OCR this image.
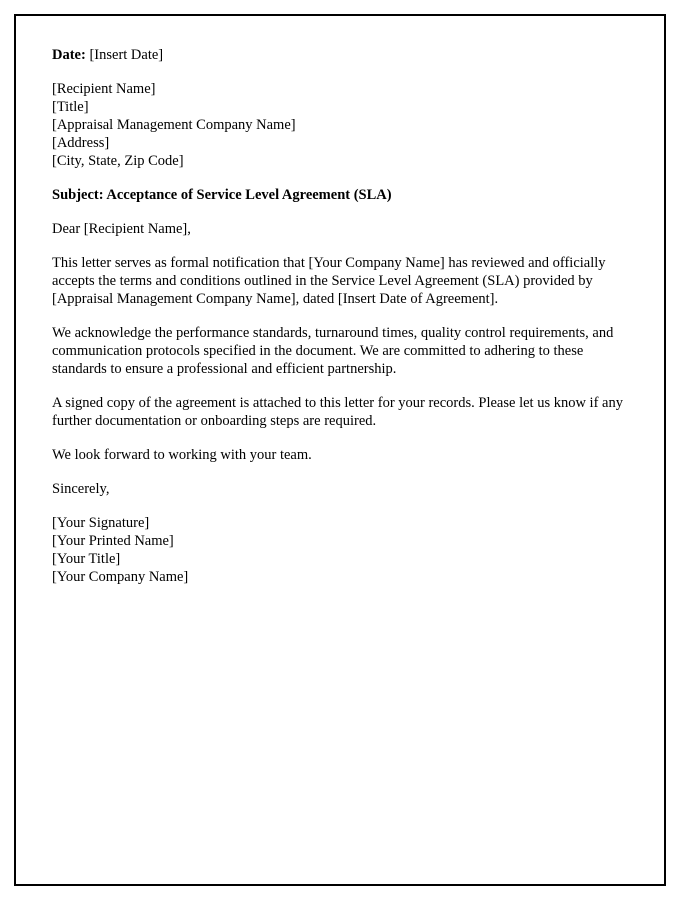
Date: [Insert Date]
[Recipient Name]
[Title]
[Appraisal Management Company Name]
[Address]
[City, State, Zip Code]
Subject: Acceptance of Service Level Agreement (SLA)
Dear [Recipient Name],

This letter serves as formal notification that [Your Company Name] has reviewed and officially accepts the terms and conditions outlined in the Service Level Agreement (SLA) provided by [Appraisal Management Company Name], dated [Insert Date of Agreement].

We acknowledge the performance standards, turnaround times, quality control requirements, and communication protocols specified in the document. We are committed to adhering to these standards to ensure a professional and efficient partnership.

A signed copy of the agreement is attached to this letter for your records. Please let us know if any further documentation or onboarding steps are required.

We look forward to working with your team.

Sincerely,
[Your Signature]
[Your Printed Name]
[Your Title]
[Your Company Name]
